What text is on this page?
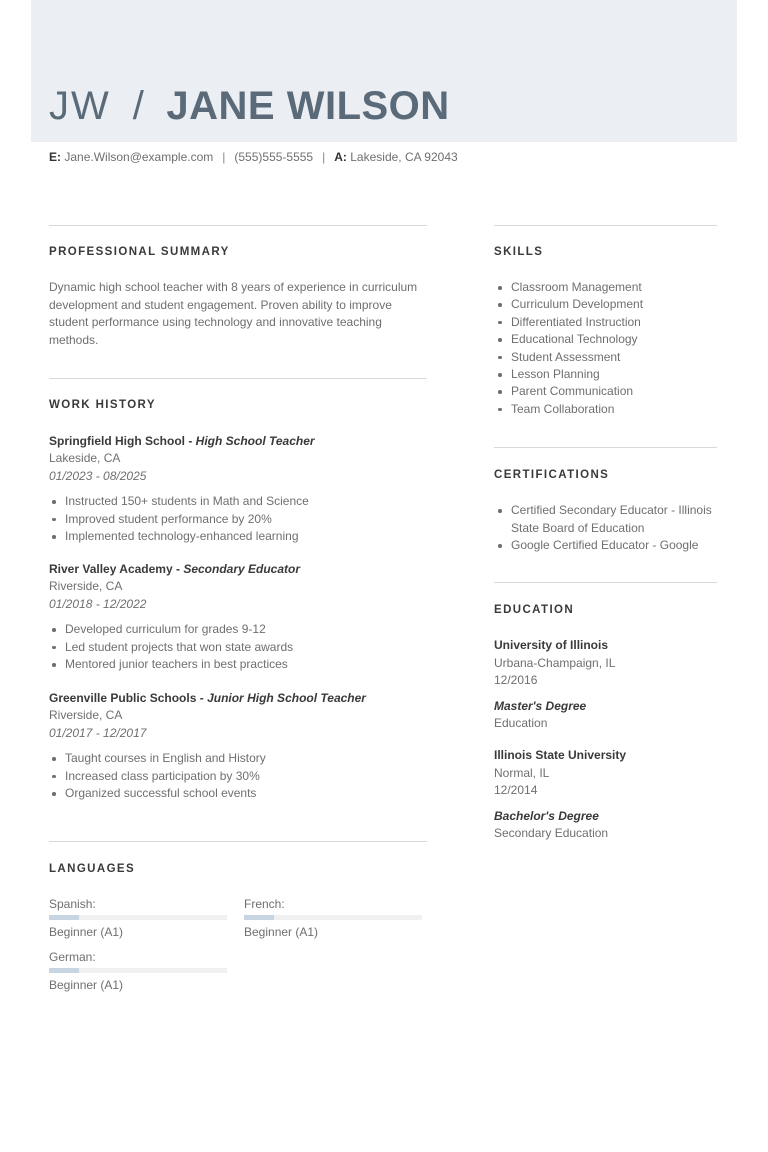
JW / JANE WILSON
E: Jane.Wilson@example.com | (555)555-5555 | A: Lakeside, CA 92043
PROFESSIONAL SUMMARY
Dynamic high school teacher with 8 years of experience in curriculum development and student engagement. Proven ability to improve student performance using technology and innovative teaching methods.
WORK HISTORY
Springfield High School - High School Teacher
Lakeside, CA
01/2023 - 08/2025
Instructed 150+ students in Math and Science
Improved student performance by 20%
Implemented technology-enhanced learning
River Valley Academy - Secondary Educator
Riverside, CA
01/2018 - 12/2022
Developed curriculum for grades 9-12
Led student projects that won state awards
Mentored junior teachers in best practices
Greenville Public Schools - Junior High School Teacher
Riverside, CA
01/2017 - 12/2017
Taught courses in English and History
Increased class participation by 30%
Organized successful school events
LANGUAGES
Spanish:
Beginner (A1)
French:
Beginner (A1)
German:
Beginner (A1)
SKILLS
Classroom Management
Curriculum Development
Differentiated Instruction
Educational Technology
Student Assessment
Lesson Planning
Parent Communication
Team Collaboration
CERTIFICATIONS
Certified Secondary Educator - Illinois State Board of Education
Google Certified Educator - Google
EDUCATION
University of Illinois
Urbana-Champaign, IL
12/2016
Master's Degree
Education
Illinois State University
Normal, IL
12/2014
Bachelor's Degree
Secondary Education
